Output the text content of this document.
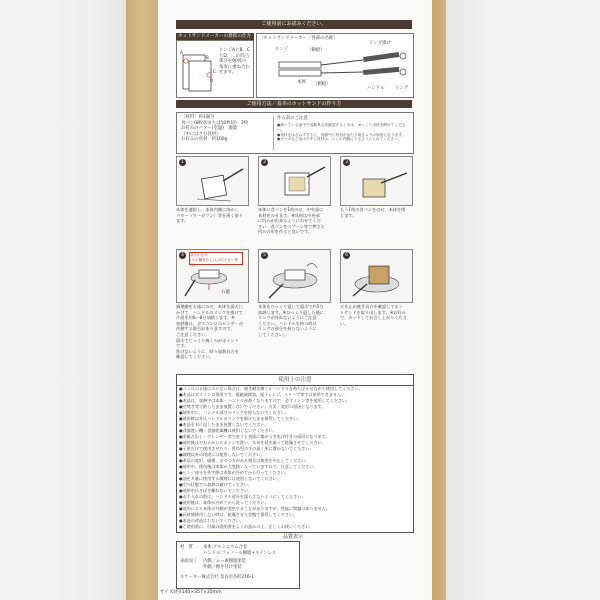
ご使用前にお読みください。
ホットサンドメーカーの連結の仕方
A
B
C
D
ヒンジAとB、C
とD、…の凹凸
部分を90度の
角度に重ね合わ
せます。
［ホットサンドメーカー／各部の名称］
ヒンジ	（側板）
本体 （側板）
リング掛け
ハンドル リング
ご使用方法／基本のホットサンドの作り方
［材料］約1個分
食パン(8枚切または10枚切)　2枚
お好みのバター(室温)　適量
（中にはさむ具材）
お好みの具材　約100g
作る前のご注意
●焼いている途中で加熱具合を確認するときは、ゆっくり本体を開けてください。
●具材をはさみすぎると、加熱中に具材が出たり焼きムラの原因になります。
●チーズなど溶けやすい具材は、パンの内側に入るように入れてください。
1	2	3
本体を連結し、本体内側に溶かし
バター（マーガリン）等を薄く塗り
ます。
本体に食パンを1枚のせ、中央部に
具材をのせます。※具材は中央部
に凹みが出来るようにのせてくだ
さい。食パンをスプーン等で押さえ
凹みの形を作ると良いです。
もう1枚の食パンをのせ、本体を閉
じます。
4	弱火の目安
(火が鍋底からはみ出さない程度)
五徳
5	6
調理網を五徳にのせ、本体を弱火に
かけて、ハンドルのリングを掛けて
片面を約6〜8分加熱します。※
加熱後は、ガスコンロのセンサーが
作動する場合がありますので、
ご注意ください。
弱火でじっくり焼くのがポイント
です。
焦げないように、時々加熱具合を
確認してください。
本体をひっくり返して弱火で約5分
加熱します。※ひっくり返した後に
リングが外れないようにご注意
ください。ハンドルを持つ時は
リングの部分を持たないように
してください。
火を止め焼き具合を確認してホッ
トサンドを取り出します。※お好み
で、カットしてお召し上がりくださ
い。
使用上の注意
●コンロの五徳にのらない場合は、焼き網を敷くかハンドルを持ち浮かせながら使用してください。
●本品はガスコンロ専用です。電磁調理器、電子レンジ、ストーブ等では使用できません。
●本品は、加熱中は本体・ハンドルが熱くなりますので、必ずミトン等を使用してください。
●空焚き等で熱したまま放置しないでください。火災・変形の原因となります。
●使用中に、ハンドル部分のリングを持たないでください。
●使用時以外はハンドルのリングを掛けたまま保管してください。
●本品を水に浸したまま放置しないでください。
●食器洗い機・食器乾燥機は使用しないでください。
●金属たわし・クレンザー等で洗うと表面に傷がつき焦げ付きの原因になります。
●使用後はやわらかいスポンジで洗い、水気を拭き取って乾燥させてください。
●子供だけで使用させたり、乳幼児の手の届く所に置かないでください。
●調理以外の用途には使用しないでください。
●本品の変形、破損、ガタつきがある場合は使用を中止してください。
●使用中、使用後は本体が大変熱くなっていますので、注意してください。
●ヒンジ部分を外す際は本体が冷めてから行ってください。
●油を多量に使用する調理には使用しないでください。
●空の状態での加熱は避けてください。
●使用中はそばを離れないでください。
●お手入れの際は、ハンドル部分を濡らさないようにしてください。
●使用後は、本体が冷めてから洗ってください。
●使用により本体の外側が変色することがありますが、性能に問題はありません。
●長時間使用しない時は、乾燥させた状態で保管してください。
●本品の改造はしないでください。
●ご使用前に、付属の説明書をよくお読みの上、正しくお使いください。
品質表示
材　質 本体:アルミニウム合金
ハンドル:フェノール樹脂+ステンレス
表面加工 内側／ふっ素樹脂塗装
外側／焼き付け塗装
スケーター株式会社 奈良市杏町216-1
サイズ(約)140×357×35mm
